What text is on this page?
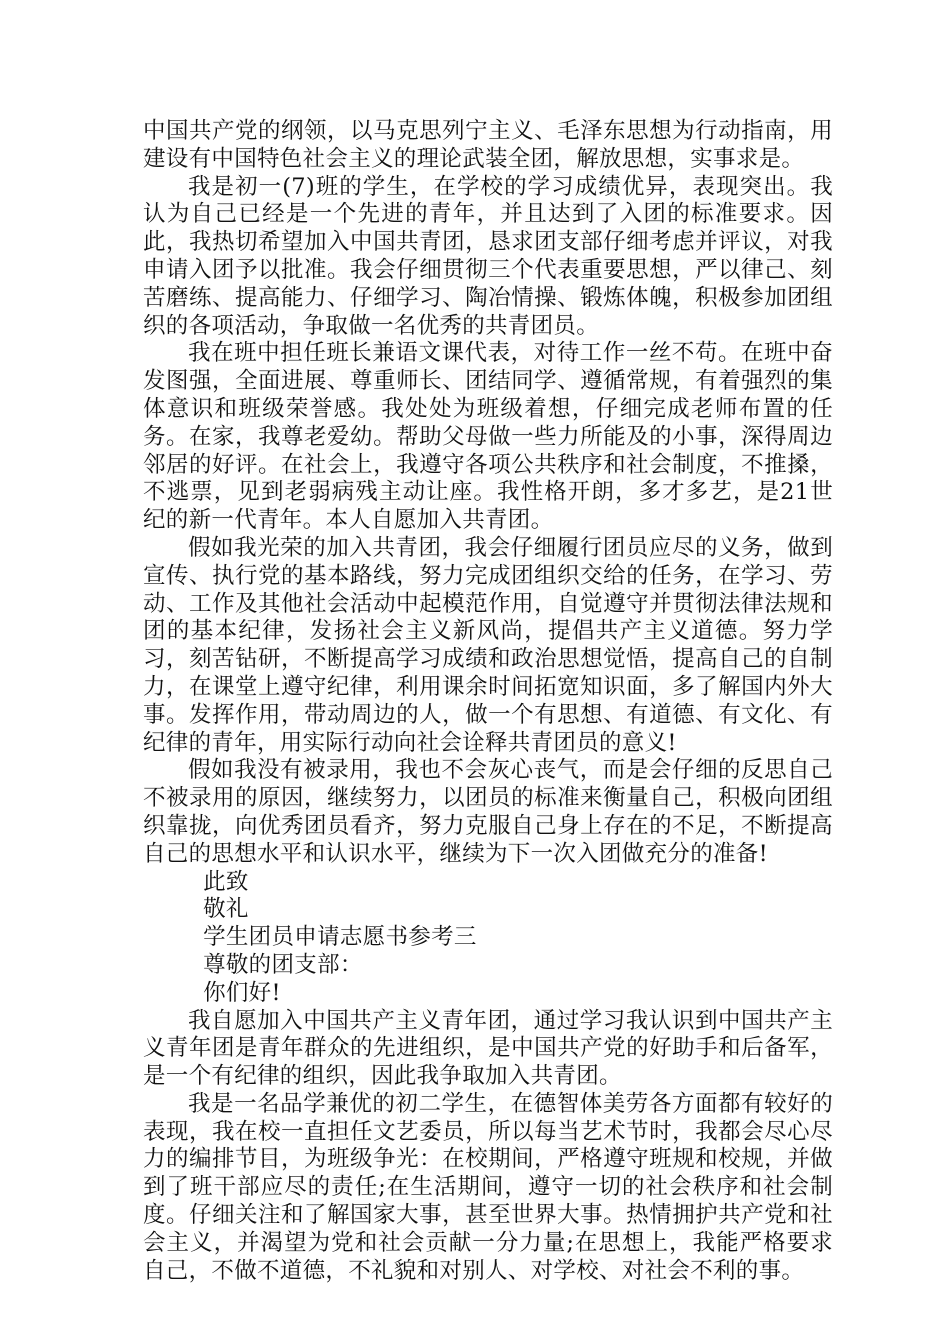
中国共产党的纲领，以马克思列宁主义、毛泽东思想为行动指南，用建设有中国特色社会主义的理论武装全团，解放思想，实事求是。

我是初一(7)班的学生，在学校的学习成绩优异，表现突出。我认为自己已经是一个先进的青年，并且达到了入团的标准要求。因此，我热切希望加入中国共青团，恳求团支部仔细考虑并评议，对我申请入团予以批准。我会仔细贯彻三个代表重要思想，严以律己、刻苦磨练、提高能力、仔细学习、陶冶情操、锻炼体魄，积极参加团组织的各项活动，争取做一名优秀的共青团员。

我在班中担任班长兼语文课代表，对待工作一丝不苟。在班中奋发图强，全面进展、尊重师长、团结同学、遵循常规，有着强烈的集体意识和班级荣誉感。我处处为班级着想，仔细完成老师布置的任务。在家，我尊老爱幼。帮助父母做一些力所能及的小事，深得周边邻居的好评。在社会上，我遵守各项公共秩序和社会制度，不推搡，不逃票，见到老弱病残主动让座。我性格开朗，多才多艺，是21世纪的新一代青年。本人自愿加入共青团。

假如我光荣的加入共青团，我会仔细履行团员应尽的义务，做到宣传、执行党的基本路线，努力完成团组织交给的任务，在学习、劳动、工作及其他社会活动中起模范作用，自觉遵守并贯彻法律法规和团的基本纪律，发扬社会主义新风尚，提倡共产主义道德。努力学习，刻苦钻研，不断提高学习成绩和政治思想觉悟，提高自己的自制力，在课堂上遵守纪律，利用课余时间拓宽知识面，多了解国内外大事。发挥作用，带动周边的人，做一个有思想、有道德、有文化、有纪律的青年，用实际行动向社会诠释共青团员的意义!

假如我没有被录用，我也不会灰心丧气，而是会仔细的反思自己不被录用的原因，继续努力，以团员的标准来衡量自己，积极向团组织靠拢，向优秀团员看齐，努力克服自己身上存在的不足，不断提高自己的思想水平和认识水平，继续为下一次入团做充分的准备!

此致

敬礼

学生团员申请志愿书参考三

尊敬的团支部：

你们好!

我自愿加入中国共产主义青年团，通过学习我认识到中国共产主义青年团是青年群众的先进组织，是中国共产党的好助手和后备军，是一个有纪律的组织，因此我争取加入共青团。

我是一名品学兼优的初二学生，在德智体美劳各方面都有较好的表现，我在校一直担任文艺委员，所以每当艺术节时，我都会尽心尽力的编排节目，为班级争光：在校期间，严格遵守班规和校规，并做到了班干部应尽的责任;在生活期间，遵守一切的社会秩序和社会制度。仔细关注和了解国家大事，甚至世界大事。热情拥护共产党和社会主义，并渴望为党和社会贡献一分力量;在思想上，我能严格要求自己，不做不道德，不礼貌和对别人、对学校、对社会不利的事。
